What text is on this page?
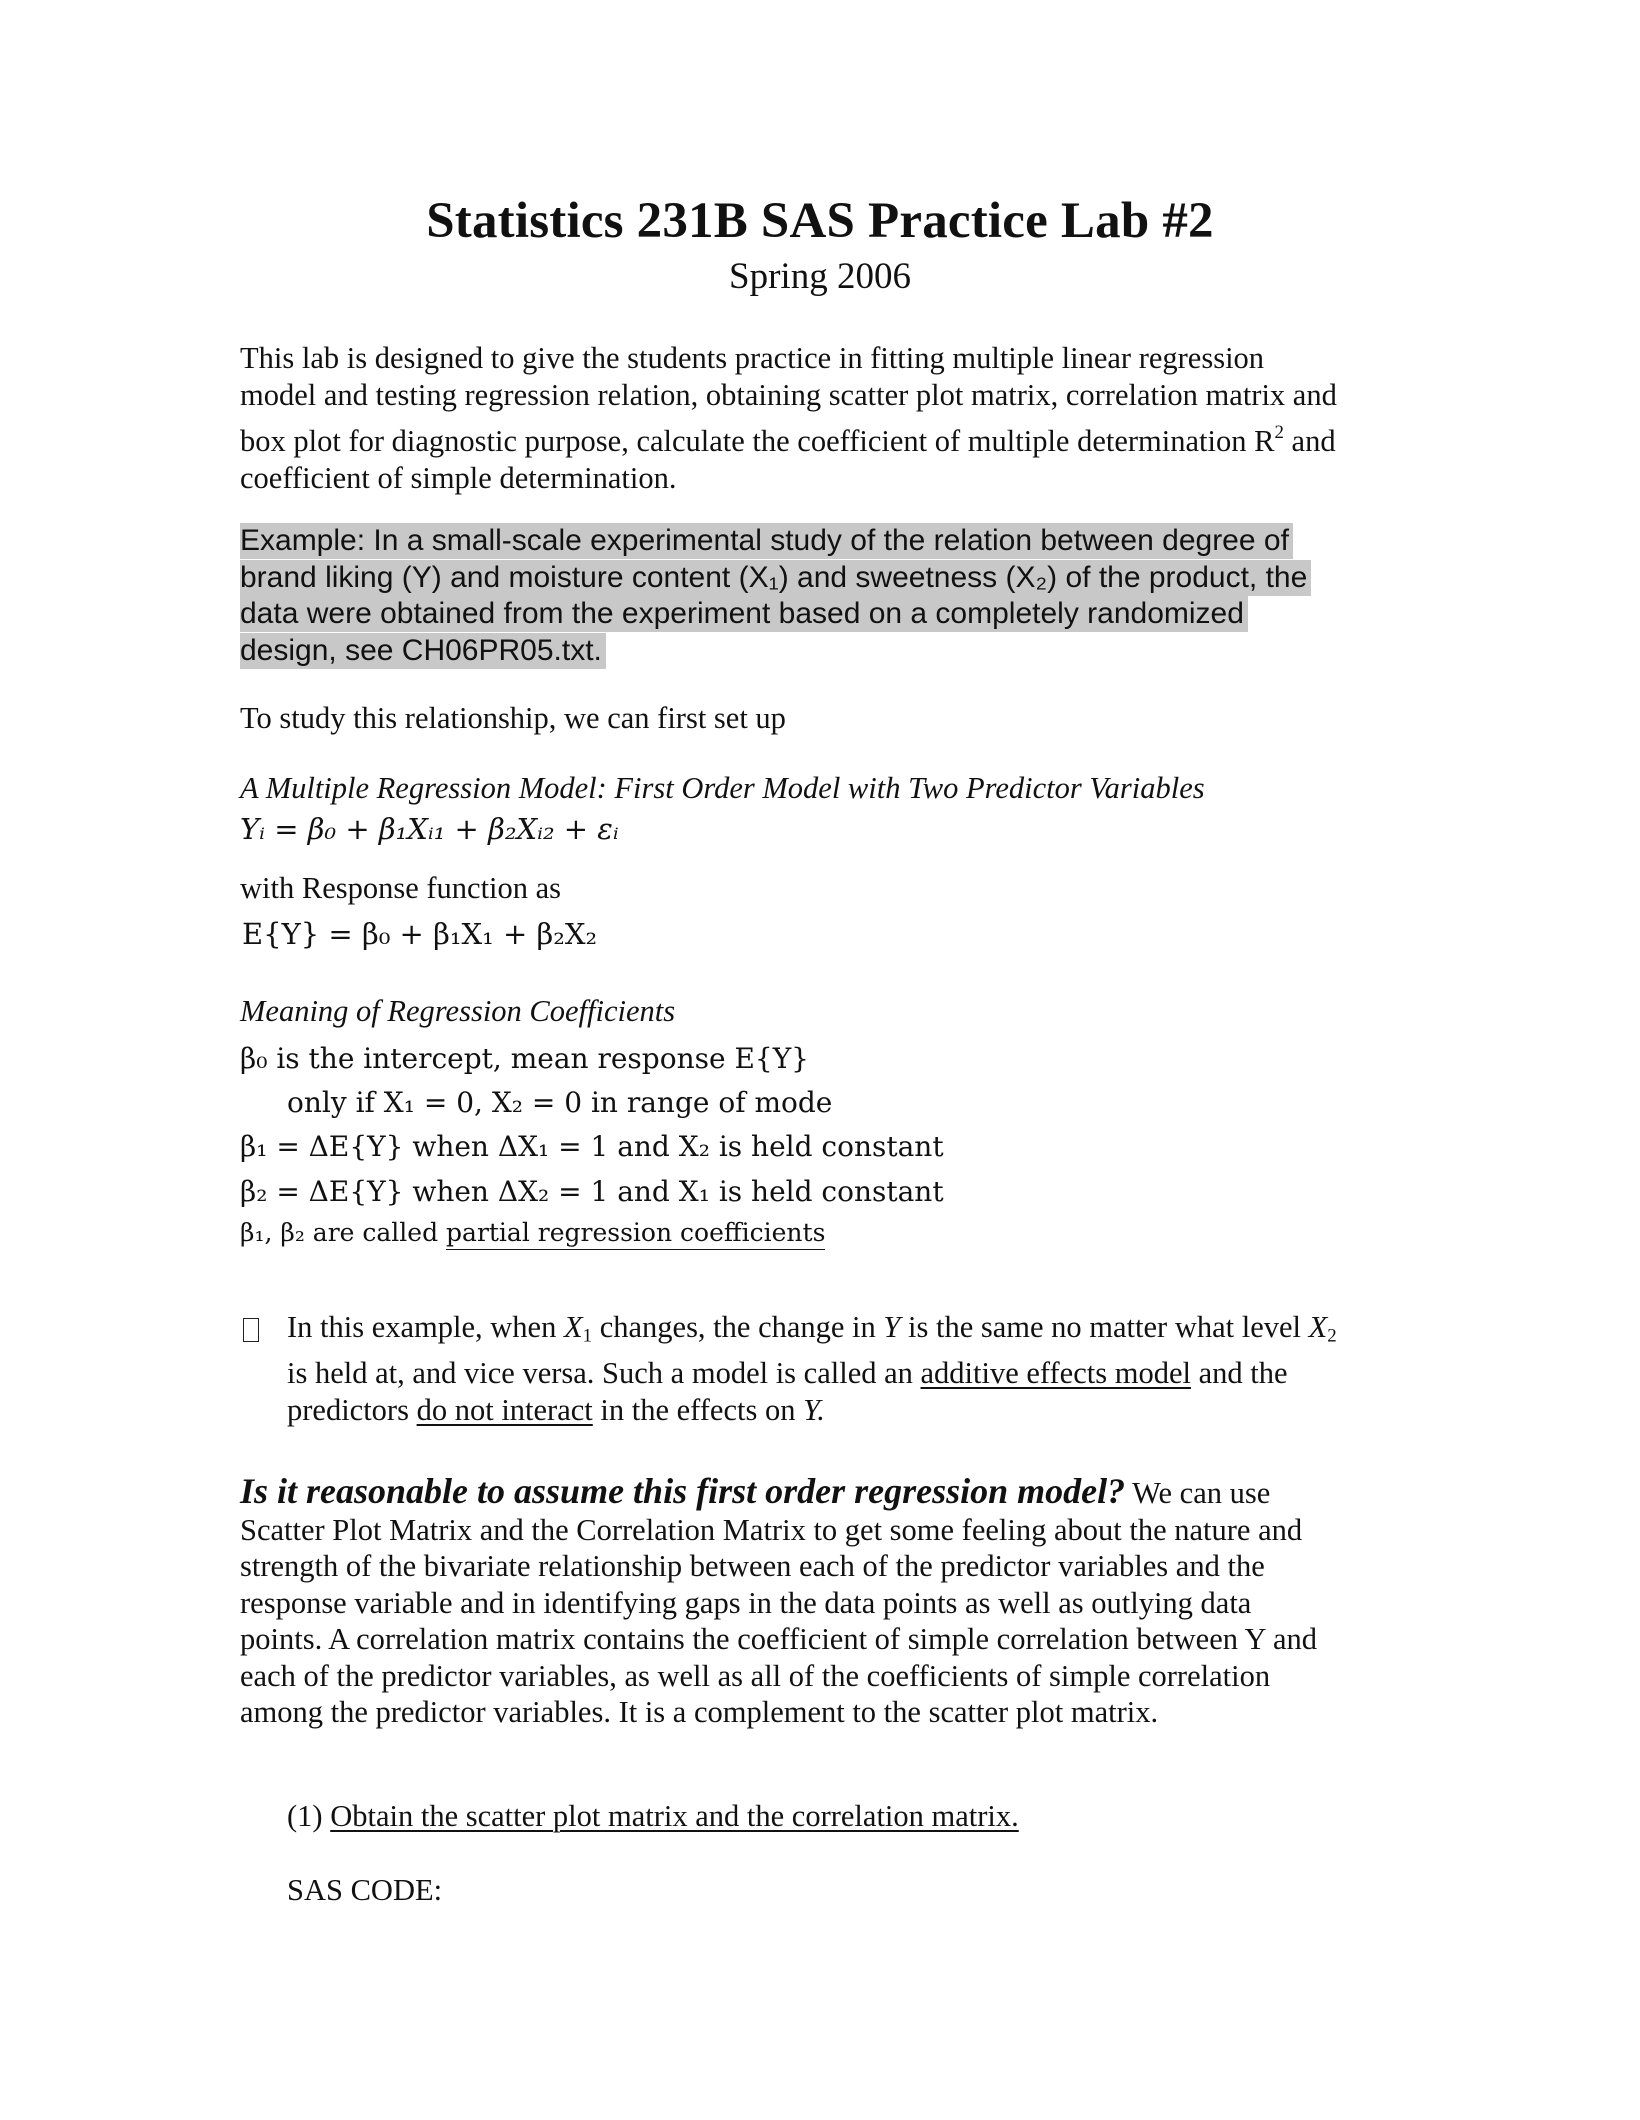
Statistics 231B SAS Practice Lab #2
Spring 2006
This lab is designed to give the students practice in fitting multiple linear regression
model and testing regression relation, obtaining scatter plot matrix, correlation matrix and
box plot for diagnostic purpose, calculate the coefficient of multiple determination $R^2$ and
coefficient of simple determination.
Example: In a small-scale experimental study of the relation between degree of
brand liking (Y) and moisture content (X₁) and sweetness (X₂) of the product, the
data were obtained from the experiment based on a completely randomized
design, see CH06PR05.txt.
To study this relationship, we can first set up
A Multiple Regression Model: First Order Model with Two Predictor Variables
Yᵢ = β₀ + β₁Xᵢ₁ + β₂Xᵢ₂ + εᵢ
with Response function as
E{Y} = β₀ + β₁X₁ + β₂X₂
Meaning of Regression Coefficients
β₀ is the intercept, mean response E{Y}
only if X₁ = 0, X₂ = 0 in range of mode
β₁ = ΔE{Y} when ΔX₁ = 1 and X₂ is held constant
β₂ = ΔE{Y} when ΔX₂ = 1 and X₁ is held constant
β₁, β₂ are called partial regression coefficients
In this example, when $X_1$ changes, the change in Y is the same no matter what level $X_2$
is held at, and vice versa. Such a model is called an additive effects model and the
predictors do not interact in the effects on Y.
Is it reasonable to assume this first order regression model? We can use
Scatter Plot Matrix and the Correlation Matrix to get some feeling about the nature and
strength of the bivariate relationship between each of the predictor variables and the
response variable and in identifying gaps in the data points as well as outlying data
points. A correlation matrix contains the coefficient of simple correlation between Y and
each of the predictor variables, as well as all of the coefficients of simple correlation
among the predictor variables. It is a complement to the scatter plot matrix.
(1) Obtain the scatter plot matrix and the correlation matrix.
SAS CODE:
